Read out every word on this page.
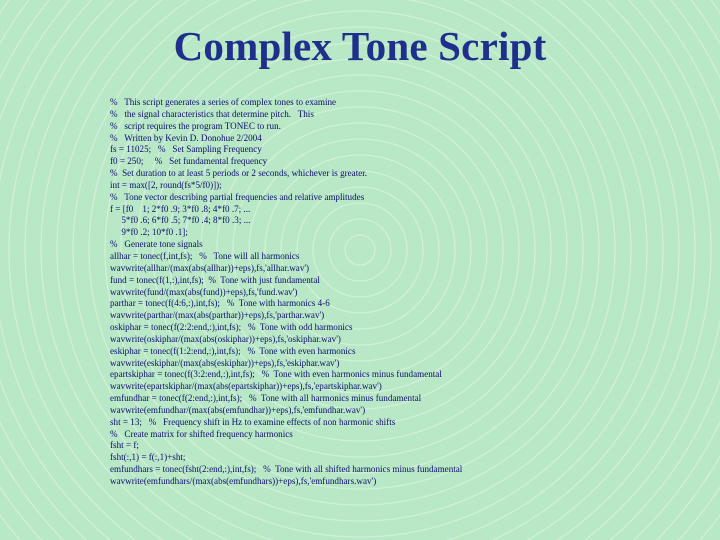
Complex Tone Script
%   This script generates a series of complex tones to examine
%   the signal characteristics that determine pitch.   This
%   script requires the program TONEC to run.
%   Written by Kevin D. Donohue 2/2004
fs = 11025;   %   Set Sampling Frequency
f0 = 250;     %   Set fundamental frequency
%  Set duration to at least 5 periods or 2 seconds, whichever is greater.
int = max([2, round(fs*5/f0)]);
%   Tone vector describing partial frequencies and relative amplitudes
f = [f0    1; 2*f0 .9; 3*f0 .8; 4*f0 .7; ...
5*f0 .6; 6*f0 .5; 7*f0 .4; 8*f0 .3; ...
9*f0 .2; 10*f0 .1];
%   Generate tone signals
allhar = tonec(f,int,fs);   %   Tone will all harmonics
wavwrite(allhar/(max(abs(allhar))+eps),fs,'allhar.wav')
fund = tonec(f(1,:),int,fs);  %  Tone with just fundamental
wavwrite(fund/(max(abs(fund))+eps),fs,'fund.wav')
parthar = tonec(f(4:6,:),int,fs);   %  Tone with harmonics 4-6
wavwrite(parthar/(max(abs(parthar))+eps),fs,'parthar.wav')
oskiphar = tonec(f(2:2:end,:),int,fs);   %  Tone with odd harmonics
wavwrite(oskiphar/(max(abs(oskiphar))+eps),fs,'oskiphar.wav')
eskiphar = tonec(f(1:2:end,:),int,fs);   %  Tone with even harmonics
wavwrite(eskiphar/(max(abs(eskiphar))+eps),fs,'eskiphar.wav')
epartskiphar = tonec(f(3:2:end,:),int,fs);   %  Tone with even harmonics minus fundamental
wavwrite(epartskiphar/(max(abs(epartskiphar))+eps),fs,'epartskiphar.wav')
emfundhar = tonec(f(2:end,:),int,fs);   %  Tone with all harmonics minus fundamental
wavwrite(emfundhar/(max(abs(emfundhar))+eps),fs,'emfundhar.wav')
sht = 13;   %   Frequency shift in Hz to examine effects of non harmonic shifts
%   Create matrix for shifted frequency harmonics
fsht = f;
fsht(:,1) = f(:,1)+sht;
emfundhars = tonec(fsht(2:end,:),int,fs);   %  Tone with all shifted harmonics minus fundamental
wavwrite(emfundhars/(max(abs(emfundhars))+eps),fs,'emfundhars.wav')
